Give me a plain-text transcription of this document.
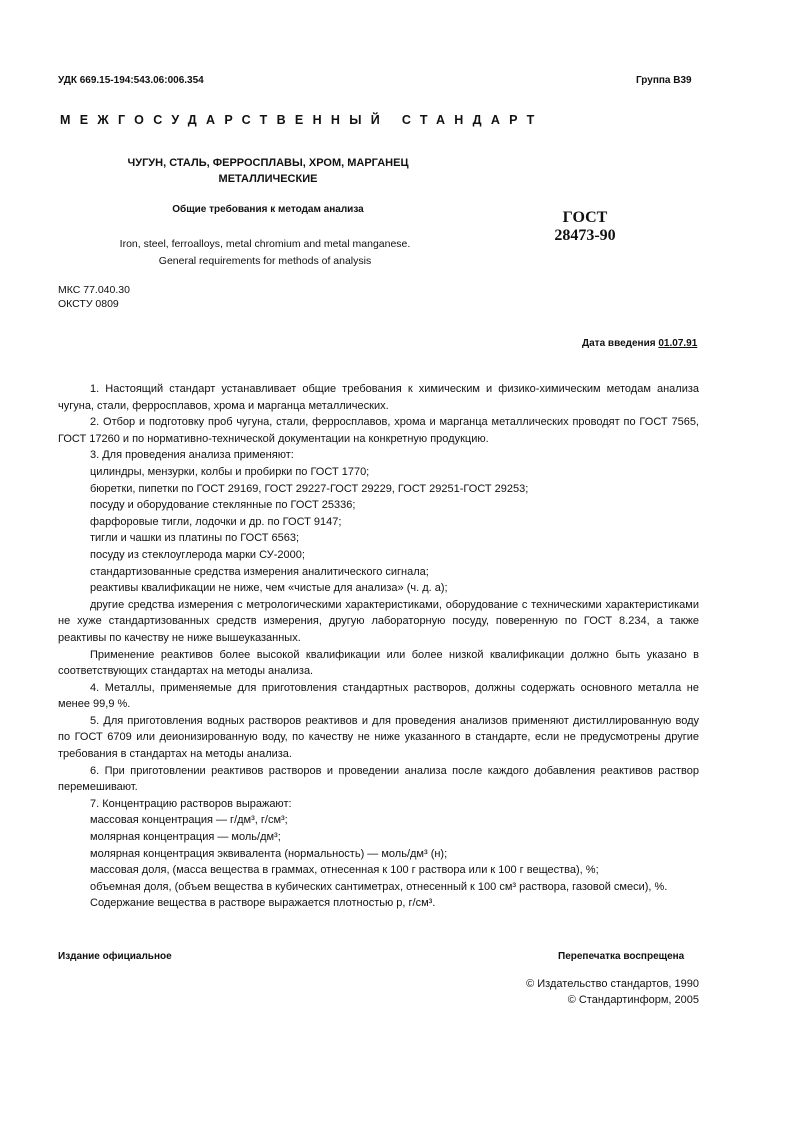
УДК 669.15-194:543.06:006.354	Группа В39
МЕЖГОСУДАРСТВЕННЫЙ СТАНДАРТ
ЧУГУН, СТАЛЬ, ФЕРРОСПЛАВЫ, ХРОМ, МАРГАНЕЦ
МЕТАЛЛИЧЕСКИЕ
Общие требования к методам анализа	ГОСТ
28473-90
Iron, steel, ferroalloys, metal chromium and metal manganese.
General requirements for methods of analysis
МКС 77.040.30
ОКСТУ 0809
Дата введения 01.07.91

1. Настоящий стандарт устанавливает общие требования к химическим и физико-химическим методам анализа чугуна, стали, ферросплавов, хрома и марганца металлических.

2. Отбор и подготовку проб чугуна, стали, ферросплавов, хрома и марганца металлических проводят по ГОСТ 7565, ГОСТ 17260 и по нормативно-технической документации на конкретную продукцию.

3. Для проведения анализа применяют:

цилиндры, мензурки, колбы и пробирки по ГОСТ 1770;

бюретки, пипетки по ГОСТ 29169, ГОСТ 29227-ГОСТ 29229, ГОСТ 29251-ГОСТ 29253;

посуду и оборудование стеклянные по ГОСТ 25336;

фарфоровые тигли, лодочки и др. по ГОСТ 9147;

тигли и чашки из платины по ГОСТ 6563;

посуду из стеклоуглерода марки СУ-2000;

стандартизованные средства измерения аналитического сигнала;

реактивы квалификации не ниже, чем «чистые для анализа» (ч. д. а);

другие средства измерения с метрологическими характеристиками, оборудование с техническими характеристиками не хуже стандартизованных средств измерения, другую лабораторную посуду, поверенную по ГОСТ 8.234, а также реактивы по качеству не ниже вышеуказанных.

Применение реактивов более высокой квалификации или более низкой квалификации должно быть указано в соответствующих стандартах на методы анализа.

4. Металлы, применяемые для приготовления стандартных растворов, должны содержать основного металла не менее 99,9 %.

5. Для приготовления водных растворов реактивов и для проведения анализов применяют дистиллированную воду по ГОСТ 6709 или деионизированную воду, по качеству не ниже указанного в стандарте, если не предусмотрены другие требования в стандартах на методы анализа.

6. При приготовлении реактивов растворов и проведении анализа после каждого добавления реактивов раствор перемешивают.

7. Концентрацию растворов выражают:

массовая концентрация — г/дм³, г/см³;

молярная концентрация — моль/дм³;

молярная концентрация эквивалента (нормальность) — моль/дм³ (н);

массовая доля, (масса вещества в граммах, отнесенная к 100 г раствора или к 100 г вещества), %;

объемная доля, (объем вещества в кубических сантиметрах, отнесенный к 100 см³ раствора, газовой смеси), %.

Содержание вещества в растворе выражается плотностью р, г/см³.

Издание официальное	Перепечатка воспрещена
© Издательство стандартов, 1990
© Стандартинформ, 2005
